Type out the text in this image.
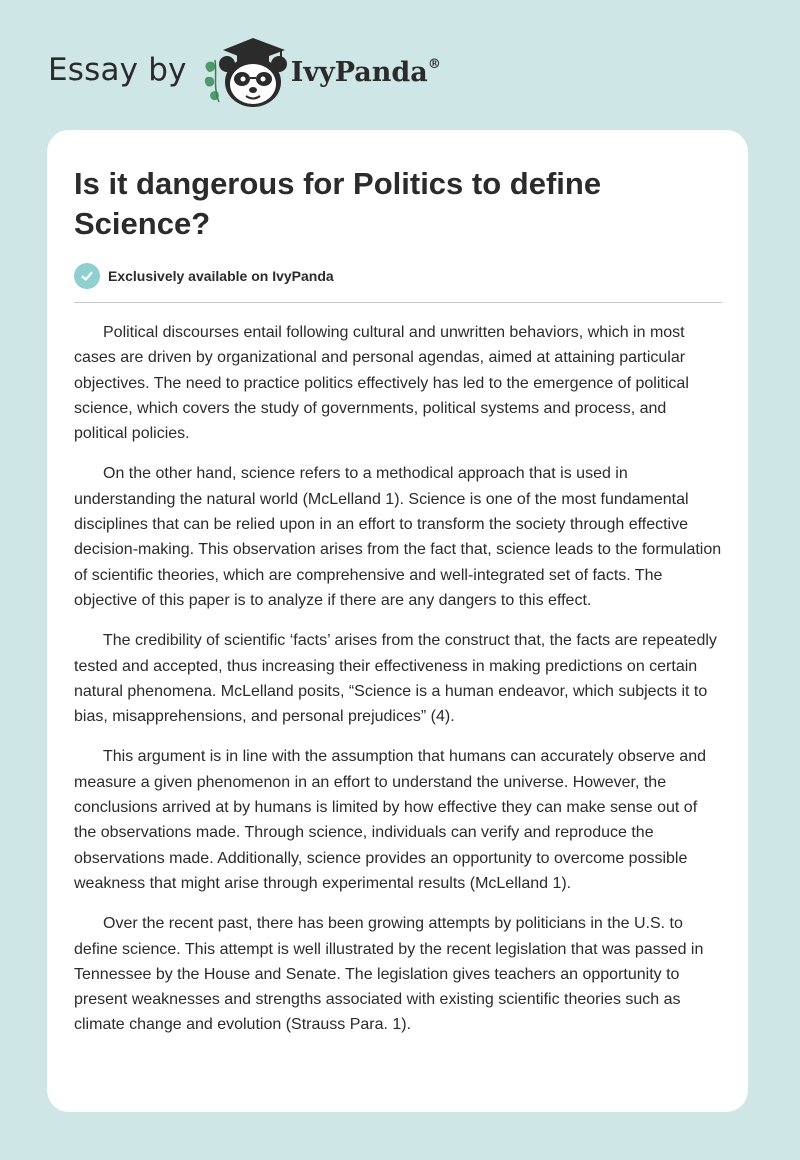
Essay by	IvyPanda®
Is it dangerous for Politics to define Science?
Exclusively available on IvyPanda

Political discourses entail following cultural and unwritten behaviors, which in most cases are driven by organizational and personal agendas, aimed at attaining particular objectives. The need to practice politics effectively has led to the emergence of political science, which covers the study of governments, political systems and process, and political policies.

On the other hand, science refers to a methodical approach that is used in understanding the natural world (McLelland 1). Science is one of the most fundamental disciplines that can be relied upon in an effort to transform the society through effective decision-making. This observation arises from the fact that, science leads to the formulation of scientific theories, which are comprehensive and well-integrated set of facts. The objective of this paper is to analyze if there are any dangers to this effect.

The credibility of scientific ‘facts’ arises from the construct that, the facts are repeatedly tested and accepted, thus increasing their effectiveness in making predictions on certain natural phenomena. McLelland posits, “Science is a human endeavor, which subjects it to bias, misapprehensions, and personal prejudices” (4).

This argument is in line with the assumption that humans can accurately observe and measure a given phenomenon in an effort to understand the universe. However, the conclusions arrived at by humans is limited by how effective they can make sense out of the observations made. Through science, individuals can verify and reproduce the observations made. Additionally, science provides an opportunity to overcome possible weakness that might arise through experimental results (McLelland 1).

Over the recent past, there has been growing attempts by politicians in the U.S. to define science. This attempt is well illustrated by the recent legislation that was passed in Tennessee by the House and Senate. The legislation gives teachers an opportunity to present weaknesses and strengths associated with existing scientific theories such as climate change and evolution (Strauss Para. 1).
